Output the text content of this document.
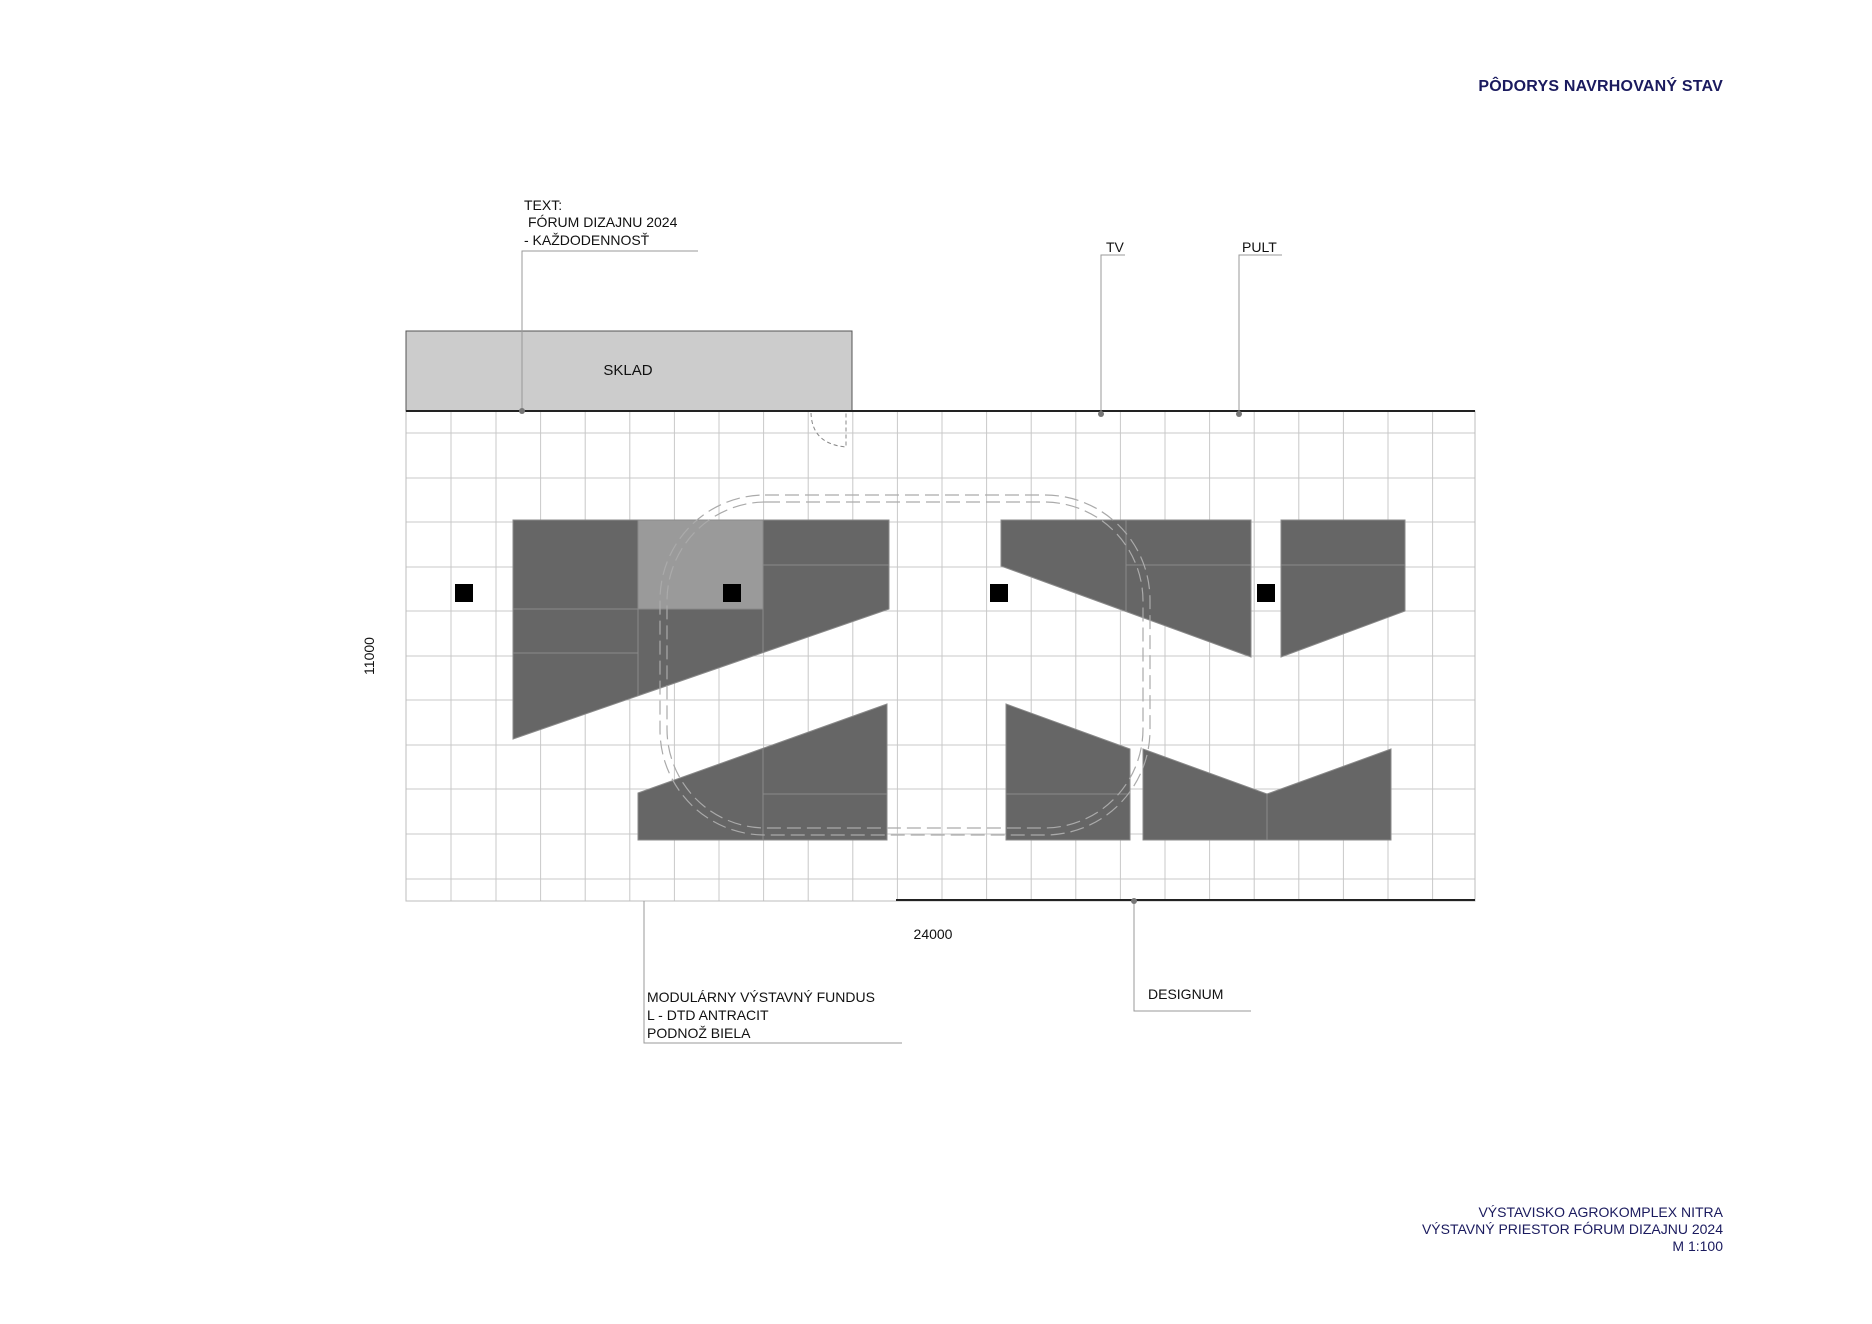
PÔDORYS NAVRHOVANÝ STAV
SKLAD
TEXT:
FÓRUM DIZAJNU 2024
- KAŽDODENNOSŤ	TV	PULT
MODULÁRNY VÝSTAVNÝ FUNDUS
L - DTD ANTRACIT
PODNOŽ BIELA
DESIGNUM
24000
11000
VÝSTAVISKO AGROKOMPLEX NITRA
VÝSTAVNÝ PRIESTOR FÓRUM DIZAJNU 2024
M 1:100
